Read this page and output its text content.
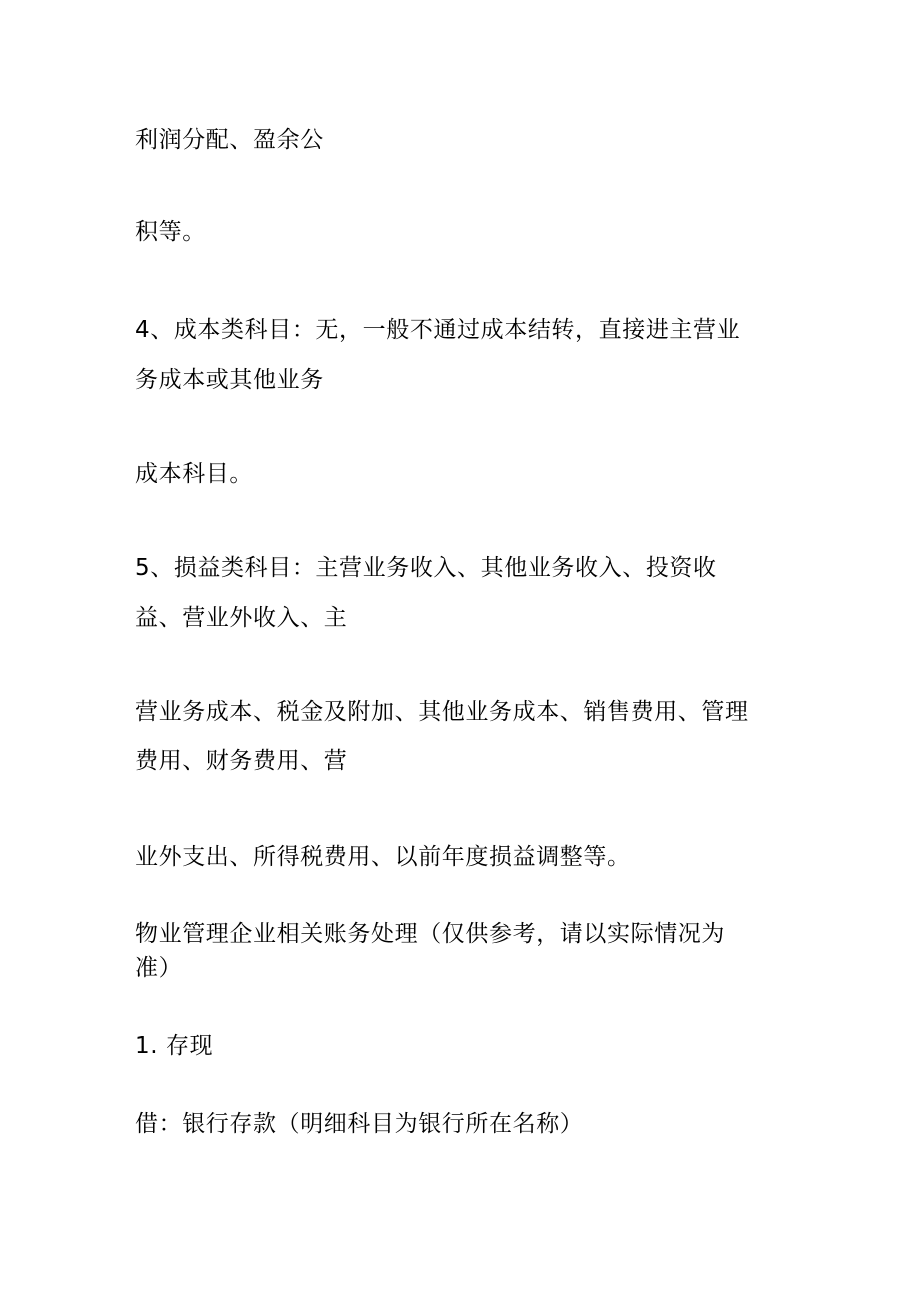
利润分配、盈余公

积等。

4、成本类科目：无，一般不通过成本结转，直接进主营业

务成本或其他业务

成本科目。

5、损益类科目：主营业务收入、其他业务收入、投资收

益、营业外收入、主

营业务成本、税金及附加、其他业务成本、销售费用、管理

费用、财务费用、营

业外支出、所得税费用、以前年度损益调整等。

物业管理企业相关账务处理（仅供参考，请以实际情况为

准）

1. 存现

借：银行存款（明细科目为银行所在名称）
